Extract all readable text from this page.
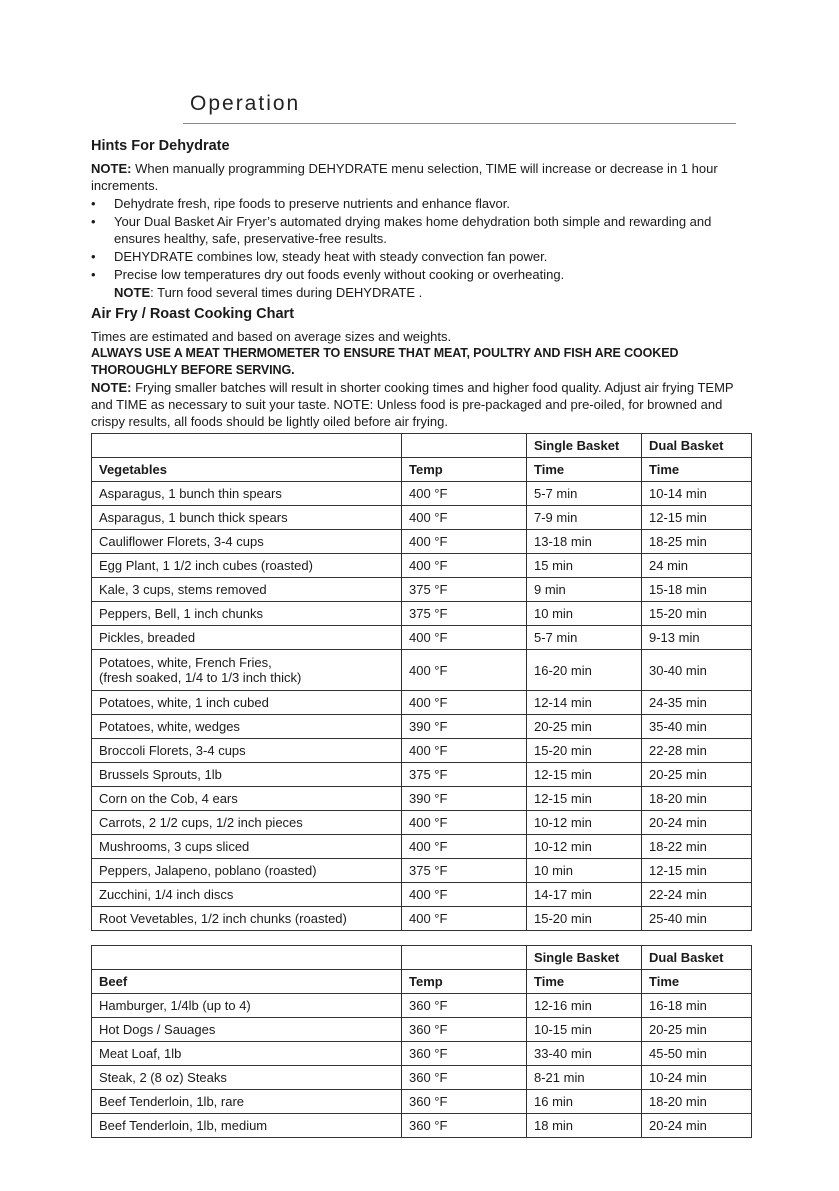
Operation
Hints For Dehydrate

NOTE: When manually programming DEHYDRATE menu selection, TIME will increase or decrease in 1 hour increments.

• Dehydrate fresh, ripe foods to preserve nutrients and enhance flavor.
• Your Dual Basket Air Fryer’s automated drying makes home dehydration both simple and rewarding and ensures healthy, safe, preservative-free results.
• DEHYDRATE combines low, steady heat with steady convection fan power.
• Precise low temperatures dry out foods evenly without cooking or overheating.

NOTE: Turn food several times during DEHYDRATE .

Air Fry / Roast Cooking Chart

Times are estimated and based on average sizes and weights.

ALWAYS USE A MEAT THERMOMETER TO ENSURE THAT MEAT, POULTRY AND FISH ARE COOKED THOROUGHLY BEFORE SERVING.

NOTE: Frying smaller batches will result in shorter cooking times and higher food quality. Adjust air frying TEMP and TIME as necessary to suit your taste. NOTE: Unless food is pre-packaged and pre-oiled, for browned and crispy results, all foods should be lightly oiled before air frying.

		Single Basket	Dual Basket
Vegetables	Temp	Time	Time
Asparagus, 1 bunch thin spears	400 °F	5-7 min	10-14 min
Asparagus, 1 bunch thick spears	400 °F	7-9 min	12-15 min
Cauliflower Florets, 3-4 cups	400 °F	13-18 min	18-25 min
Egg Plant, 1 1/2 inch cubes (roasted)	400 °F	15 min	24 min
Kale, 3 cups, stems removed	375 °F	9 min	15-18 min
Peppers, Bell, 1 inch chunks	375 °F	10 min	15-20 min
Pickles, breaded	400 °F	5-7 min	9-13 min
Potatoes, white, French Fries,
(fresh soaked, 1/4 to 1/3 inch thick)	400 °F	16-20 min	30-40 min
Potatoes, white, 1 inch cubed	400 °F	12-14 min	24-35 min
Potatoes, white, wedges	390 °F	20-25 min	35-40 min
Broccoli Florets, 3-4 cups	400 °F	15-20 min	22-28 min
Brussels Sprouts, 1lb	375 °F	12-15 min	20-25 min
Corn on the Cob, 4 ears	390 °F	12-15 min	18-20 min
Carrots, 2 1/2 cups, 1/2 inch pieces	400 °F	10-12 min	20-24 min
Mushrooms, 3 cups sliced	400 °F	10-12 min	18-22 min
Peppers, Jalapeno, poblano (roasted)	375 °F	10 min	12-15 min
Zucchini, 1/4 inch discs	400 °F	14-17 min	22-24 min
Root Vevetables, 1/2 inch chunks (roasted)	400 °F	15-20 min	25-40 min
		Single Basket	Dual Basket
Beef	Temp	Time	Time
Hamburger, 1/4lb (up to 4)	360 °F	12-16 min	16-18 min
Hot Dogs / Sauages	360 °F	10-15 min	20-25 min
Meat Loaf, 1lb	360 °F	33-40 min	45-50 min
Steak, 2 (8 oz) Steaks	360 °F	8-21 min	10-24 min
Beef Tenderloin, 1lb, rare	360 °F	16 min	18-20 min
Beef Tenderloin, 1lb, medium	360 °F	18 min	20-24 min
